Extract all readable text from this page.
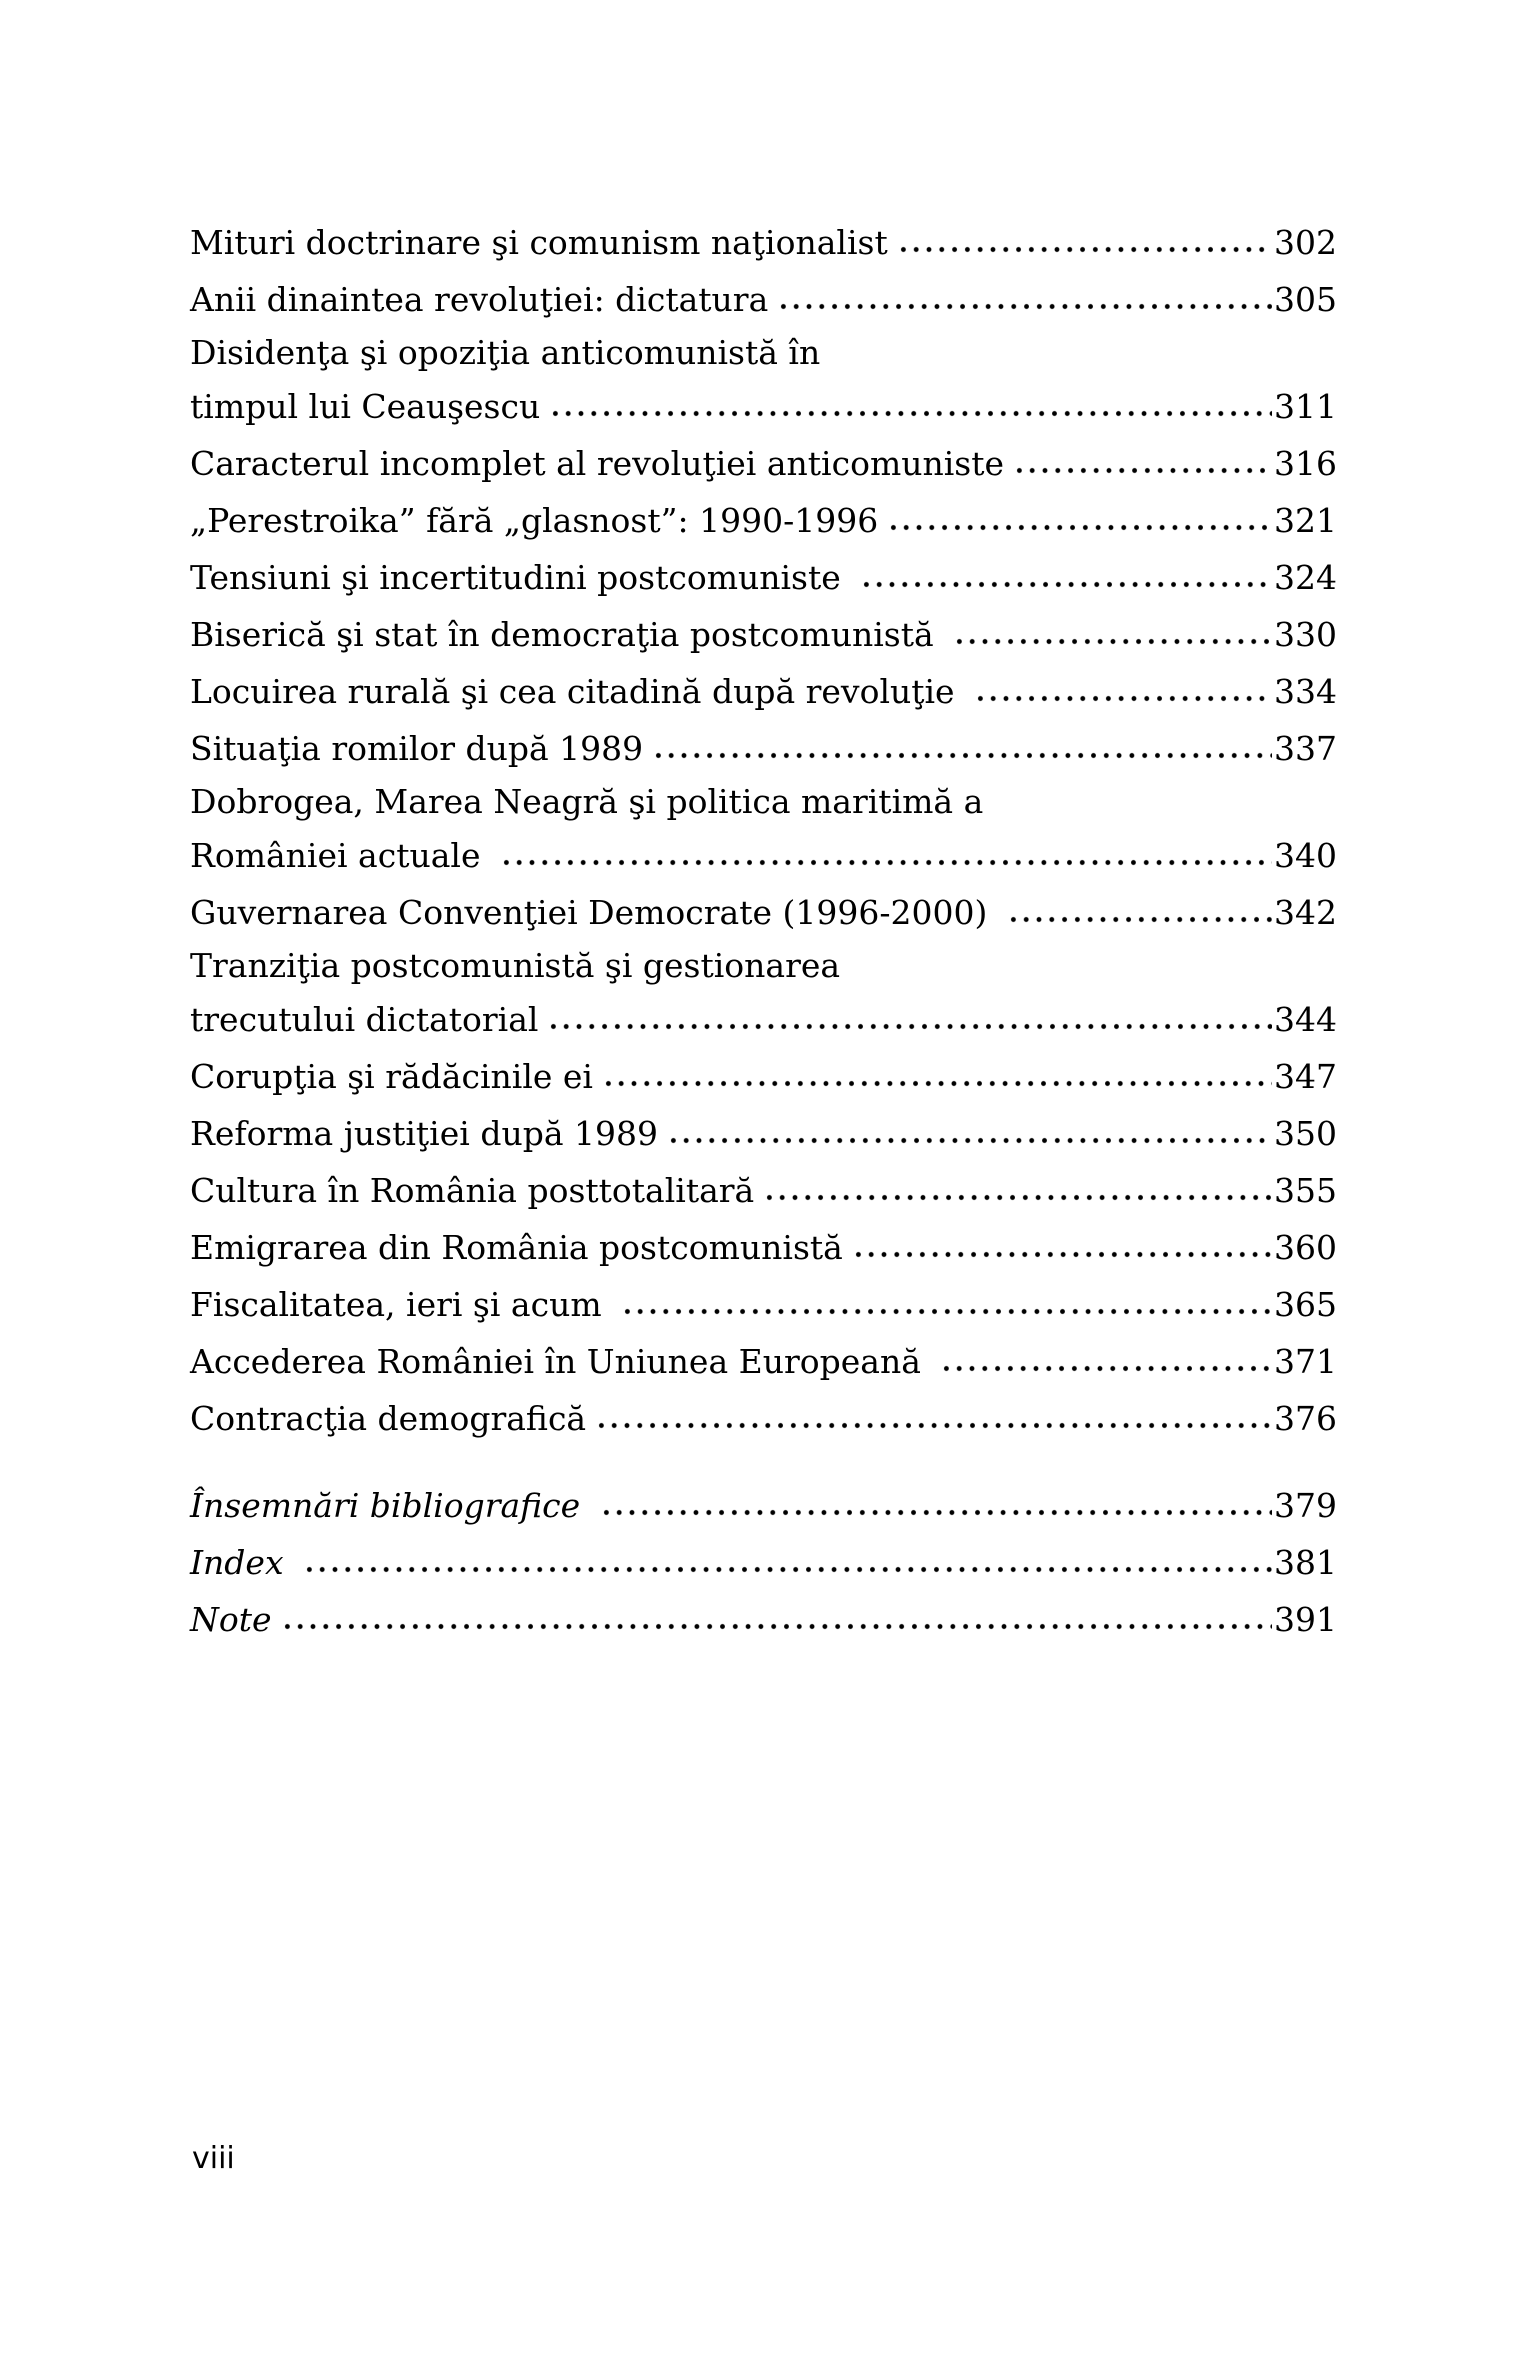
Mituri doctrinare şi comunism naţionalist	302
Anii dinaintea revoluţiei: dictatura	305
Disidenţa şi opoziţia anticomunistă în
timpul lui Ceauşescu	311
Caracterul incomplet al revoluţiei anticomuniste	316
„Perestroika” fără „glasnost”: 1990-1996	321
Tensiuni şi incertitudini postcomuniste	324
Biserică şi stat în democraţia postcomunistă	330
Locuirea rurală şi cea citadină după revoluţie	334
Situaţia romilor după 1989	337
Dobrogea, Marea Neagră şi politica maritimă a
României actuale	340
Guvernarea Convenţiei Democrate (1996-2000)	342
Tranziţia postcomunistă şi gestionarea
trecutului dictatorial	344
Corupţia şi rădăcinile ei	347
Reforma justiţiei după 1989	350
Cultura în România posttotalitară	355
Emigrarea din România postcomunistă	360
Fiscalitatea, ieri şi acum	365
Accederea României în Uniunea Europeană	371
Contracţia demografică	376
Însemnări bibliografice	379
Index	381
Note	391
viii
